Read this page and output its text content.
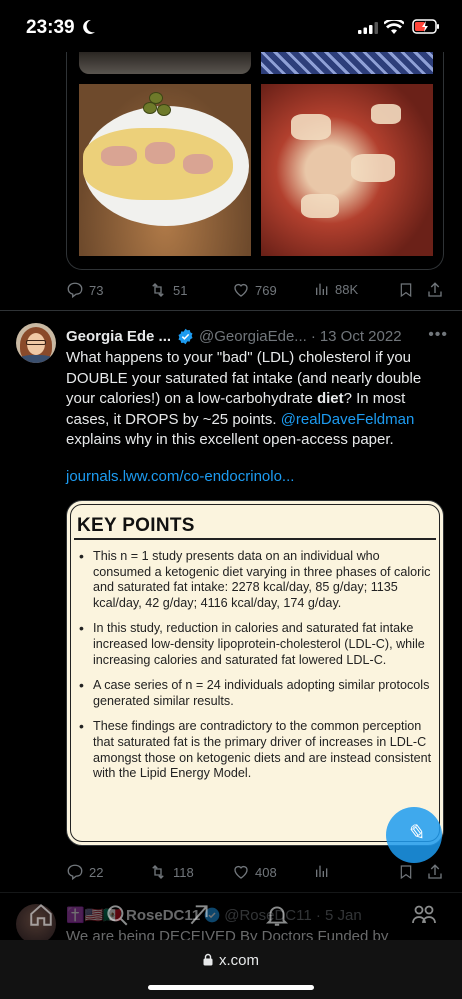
23:39
73	51	769	88K
Georgia Ede ... @GeorgiaEde... · 13 Oct 2022 •••
What happens to your "bad" (LDL) cholesterol if you DOUBLE your saturated fat intake (and nearly double your calories!) on a low-carbohydrate diet? In most cases, it DROPS by ~25 points. @realDaveFeldman explains why in this excellent open-access paper.
journals.lww.com/co-endocrinolo...
KEY POINTS
• This n = 1 study presents data on an individual who consumed a ketogenic diet varying in three phases of caloric and saturated fat intake: 2278 kcal/day, 85 g/day; 1135 kcal/day, 42 g/day; 4116 kcal/day, 174 g/day.
• In this study, reduction in calories and saturated fat intake increased low-density lipoprotein-cholesterol (LDL-C), while increasing calories and saturated fat lowered LDL-C.
• A case series of n = 24 individuals adopting similar protocols generated similar results.
• These findings are contradictory to the common perception that saturated fat is the primary driver of increases in LDL-C amongst those on ketogenic diets and are instead consistent with the Lipid Energy Model.
✎
22	118	408
x.com
